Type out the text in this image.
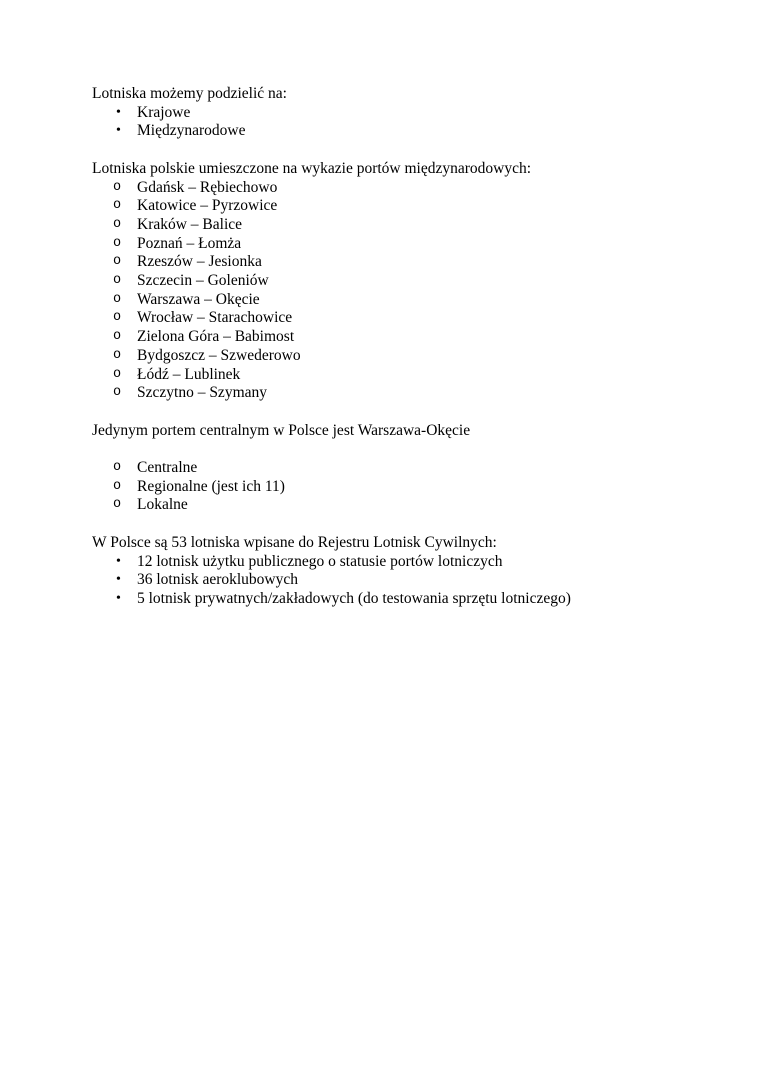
Lotniska możemy podzielić na:

• Krajowe
• Międzynarodowe

Lotniska polskie umieszczone na wykazie portów międzynarodowych:

o Gdańsk – Rębiechowo
o Katowice – Pyrzowice
o Kraków – Balice
o Poznań – Łomża
o Rzeszów – Jesionka
o Szczecin – Goleniów
o Warszawa – Okęcie
o Wrocław – Starachowice
o Zielona Góra – Babimost
o Bydgoszcz – Szwederowo
o Łódź – Lublinek
o Szczytno – Szymany

Jedynym portem centralnym w Polsce jest Warszawa-Okęcie

o Centralne
o Regionalne (jest ich 11)
o Lokalne

W Polsce są 53 lotniska wpisane do Rejestru Lotnisk Cywilnych:

• 12 lotnisk użytku publicznego o statusie portów lotniczych
• 36 lotnisk aeroklubowych
• 5 lotnisk prywatnych/zakładowych (do testowania sprzętu lotniczego)
